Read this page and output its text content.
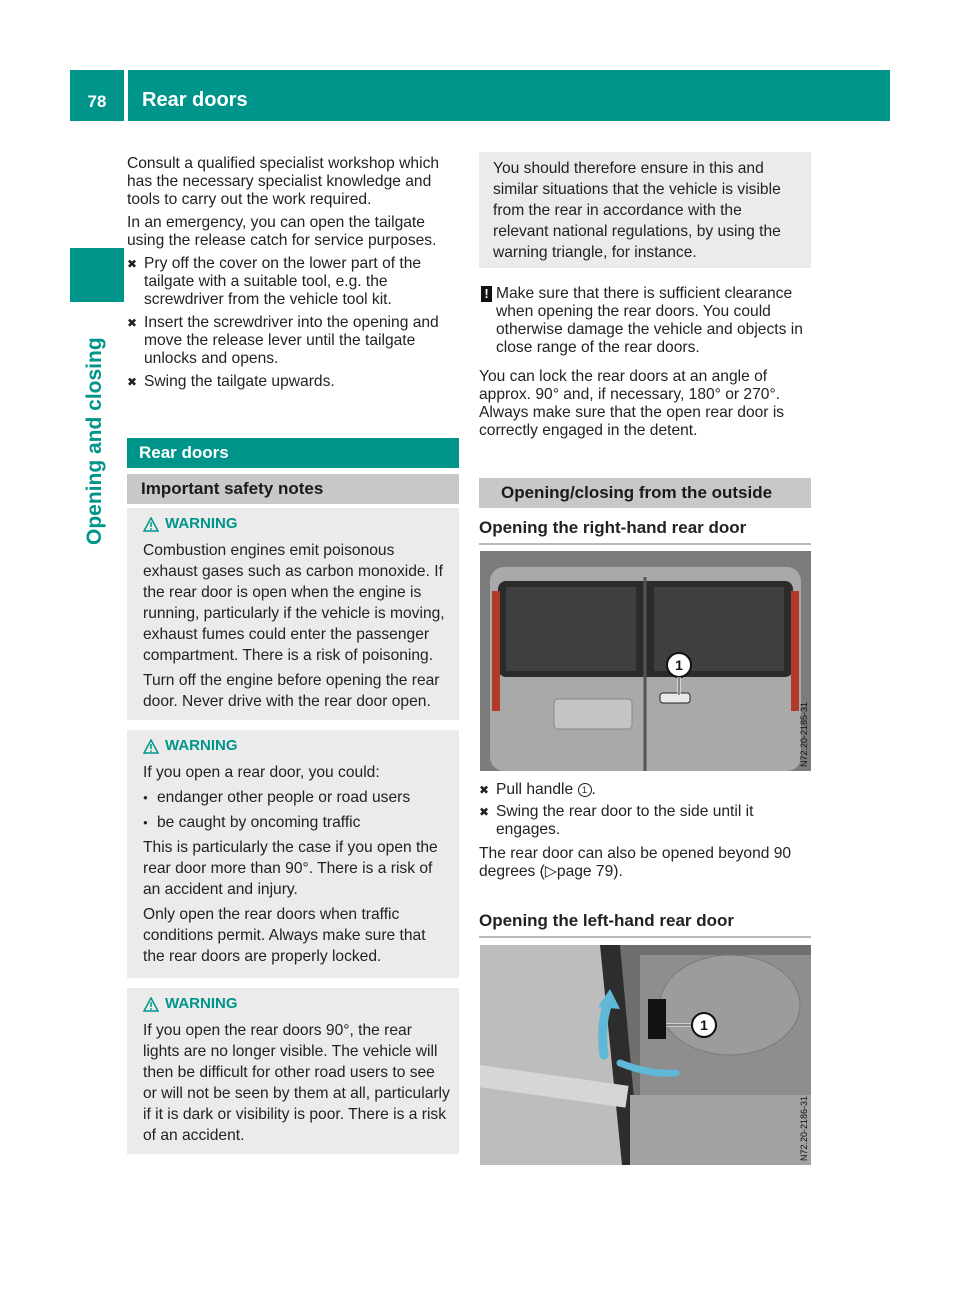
78	Rear doors
Opening and closing
Consult a qualified specialist workshop which has the necessary specialist knowledge and tools to carry out the work required.
In an emergency, you can open the tailgate using the release catch for service purposes.
✖ Pry off the cover on the lower part of the tailgate with a suitable tool, e.g. the screwdriver from the vehicle tool kit.
✖ Insert the screwdriver into the opening and move the release lever until the tailgate unlocks and opens.
✖ Swing the tailgate upwards.
Rear doors
Important safety notes
WARNING

Combustion engines emit poisonous exhaust gases such as carbon monoxide. If the rear door is open when the engine is running, particularly if the vehicle is moving, exhaust fumes could enter the passenger compartment. There is a risk of poisoning.

Turn off the engine before opening the rear door. Never drive with the rear door open.

WARNING

If you open a rear door, you could:

● endanger other people or road users

● be caught by oncoming traffic

This is particularly the case if you open the rear door more than 90°. There is a risk of an accident and injury.

Only open the rear doors when traffic conditions permit. Always make sure that the rear doors are properly locked.

WARNING

If you open the rear doors 90°, the rear lights are no longer visible. The vehicle will then be difficult for other road users to see or will not be seen by them at all, particularly if it is dark or visibility is poor. There is a risk of an accident.

You should therefore ensure in this and similar situations that the vehicle is visible from the rear in accordance with the relevant national regulations, by using the warning triangle, for instance.

! Make sure that there is sufficient clearance when opening the rear doors. You could otherwise damage the vehicle and objects in close range of the rear doors.
You can lock the rear doors at an angle of approx. 90° and, if necessary, 180° or 270°. Always make sure that the open rear door is correctly engaged in the detent.
Opening/closing from the outside
Opening the right-hand rear door
1
N72.20-2185-31
✖ Pull handle 1 .
✖ Swing the rear door to the side until it engages.
The rear door can also be opened beyond 90 degrees (▷page 79).
Opening the left-hand rear door
1
N72.20-2186-31
